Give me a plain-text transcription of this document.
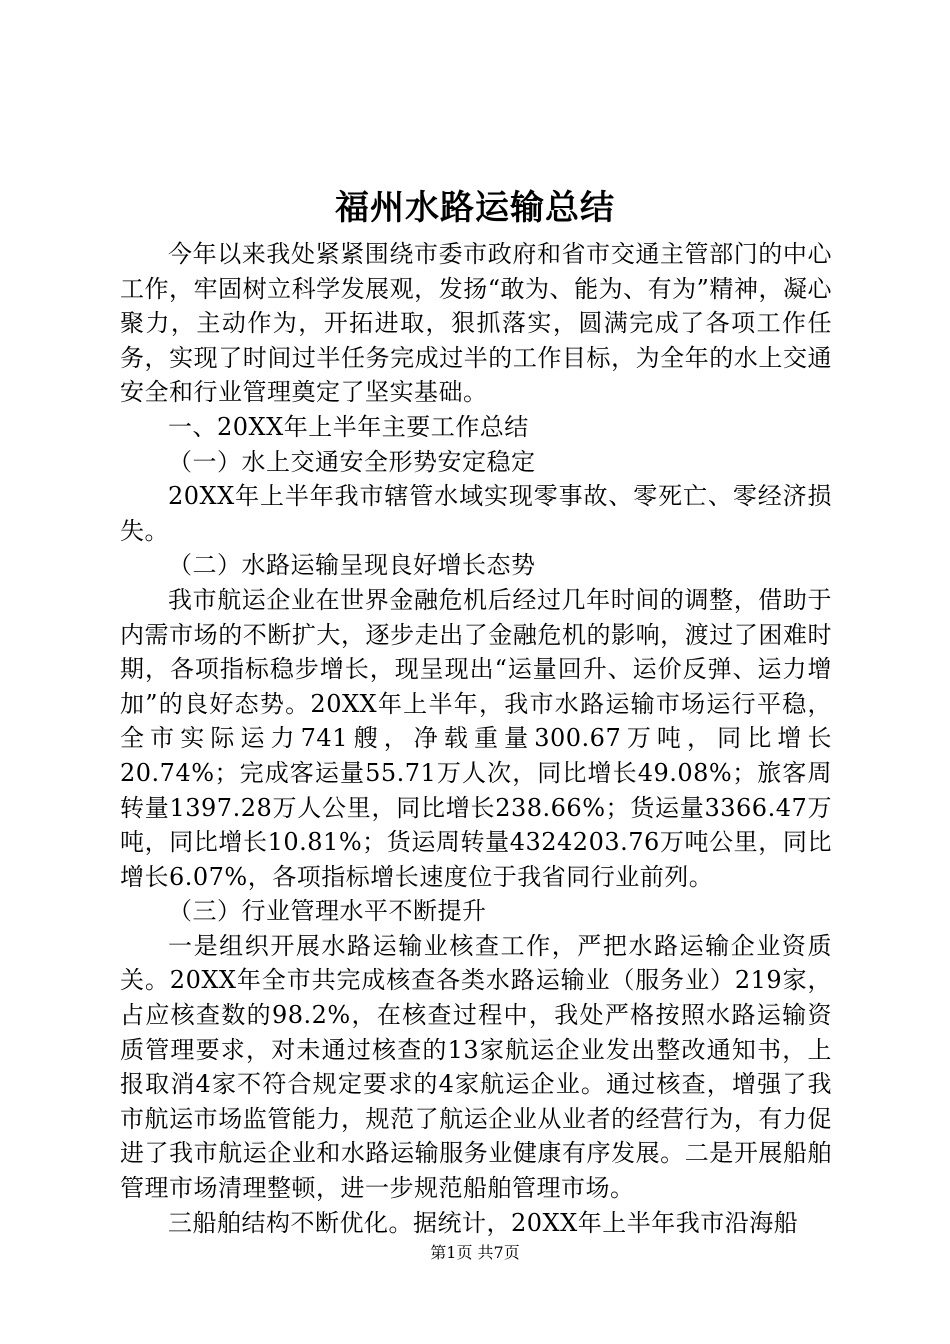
福州水路运输总结

今年以来我处紧紧围绕市委市政府和省市交通主管部门的中心工作，牢固树立科学发展观，发扬“敢为、能为、有为”精神，凝心聚力，主动作为，开拓进取，狠抓落实，圆满完成了各项工作任务，实现了时间过半任务完成过半的工作目标，为全年的水上交通安全和行业管理奠定了坚实基础。

一、20XX年上半年主要工作总结

（一）水上交通安全形势安定稳定

20XX年上半年我市辖管水域实现零事故、零死亡、零经济损失。

（二）水路运输呈现良好增长态势

我市航运企业在世界金融危机后经过几年时间的调整，借助于内需市场的不断扩大，逐步走出了金融危机的影响，渡过了困难时期，各项指标稳步增长，现呈现出“运量回升、运价反弹、运力增加”的良好态势。20XX年上半年，我市水路运输市场运行平稳，全市实际运力741艘，净载重量300.67万吨，同比增长20.74%；完成客运量55.71万人次，同比增长49.08%；旅客周转量1397.28万人公里，同比增长238.66%；货运量3366.47万吨，同比增长10.81%；货运周转量4324203.76万吨公里，同比增长6.07%，各项指标增长速度位于我省同行业前列。

（三）行业管理水平不断提升

一是组织开展水路运输业核查工作，严把水路运输企业资质关。20XX年全市共完成核查各类水路运输业（服务业）219家，占应核查数的98.2%，在核查过程中，我处严格按照水路运输资质管理要求，对未通过核查的13家航运企业发出整改通知书，上报取消4家不符合规定要求的4家航运企业。通过核查，增强了我市航运市场监管能力，规范了航运企业从业者的经营行为，有力促进了我市航运企业和水路运输服务业健康有序发展。二是开展船舶管理市场清理整顿，进一步规范船舶管理市场。

三船舶结构不断优化。据统计，20XX年上半年我市沿海船

第1页 共7页
